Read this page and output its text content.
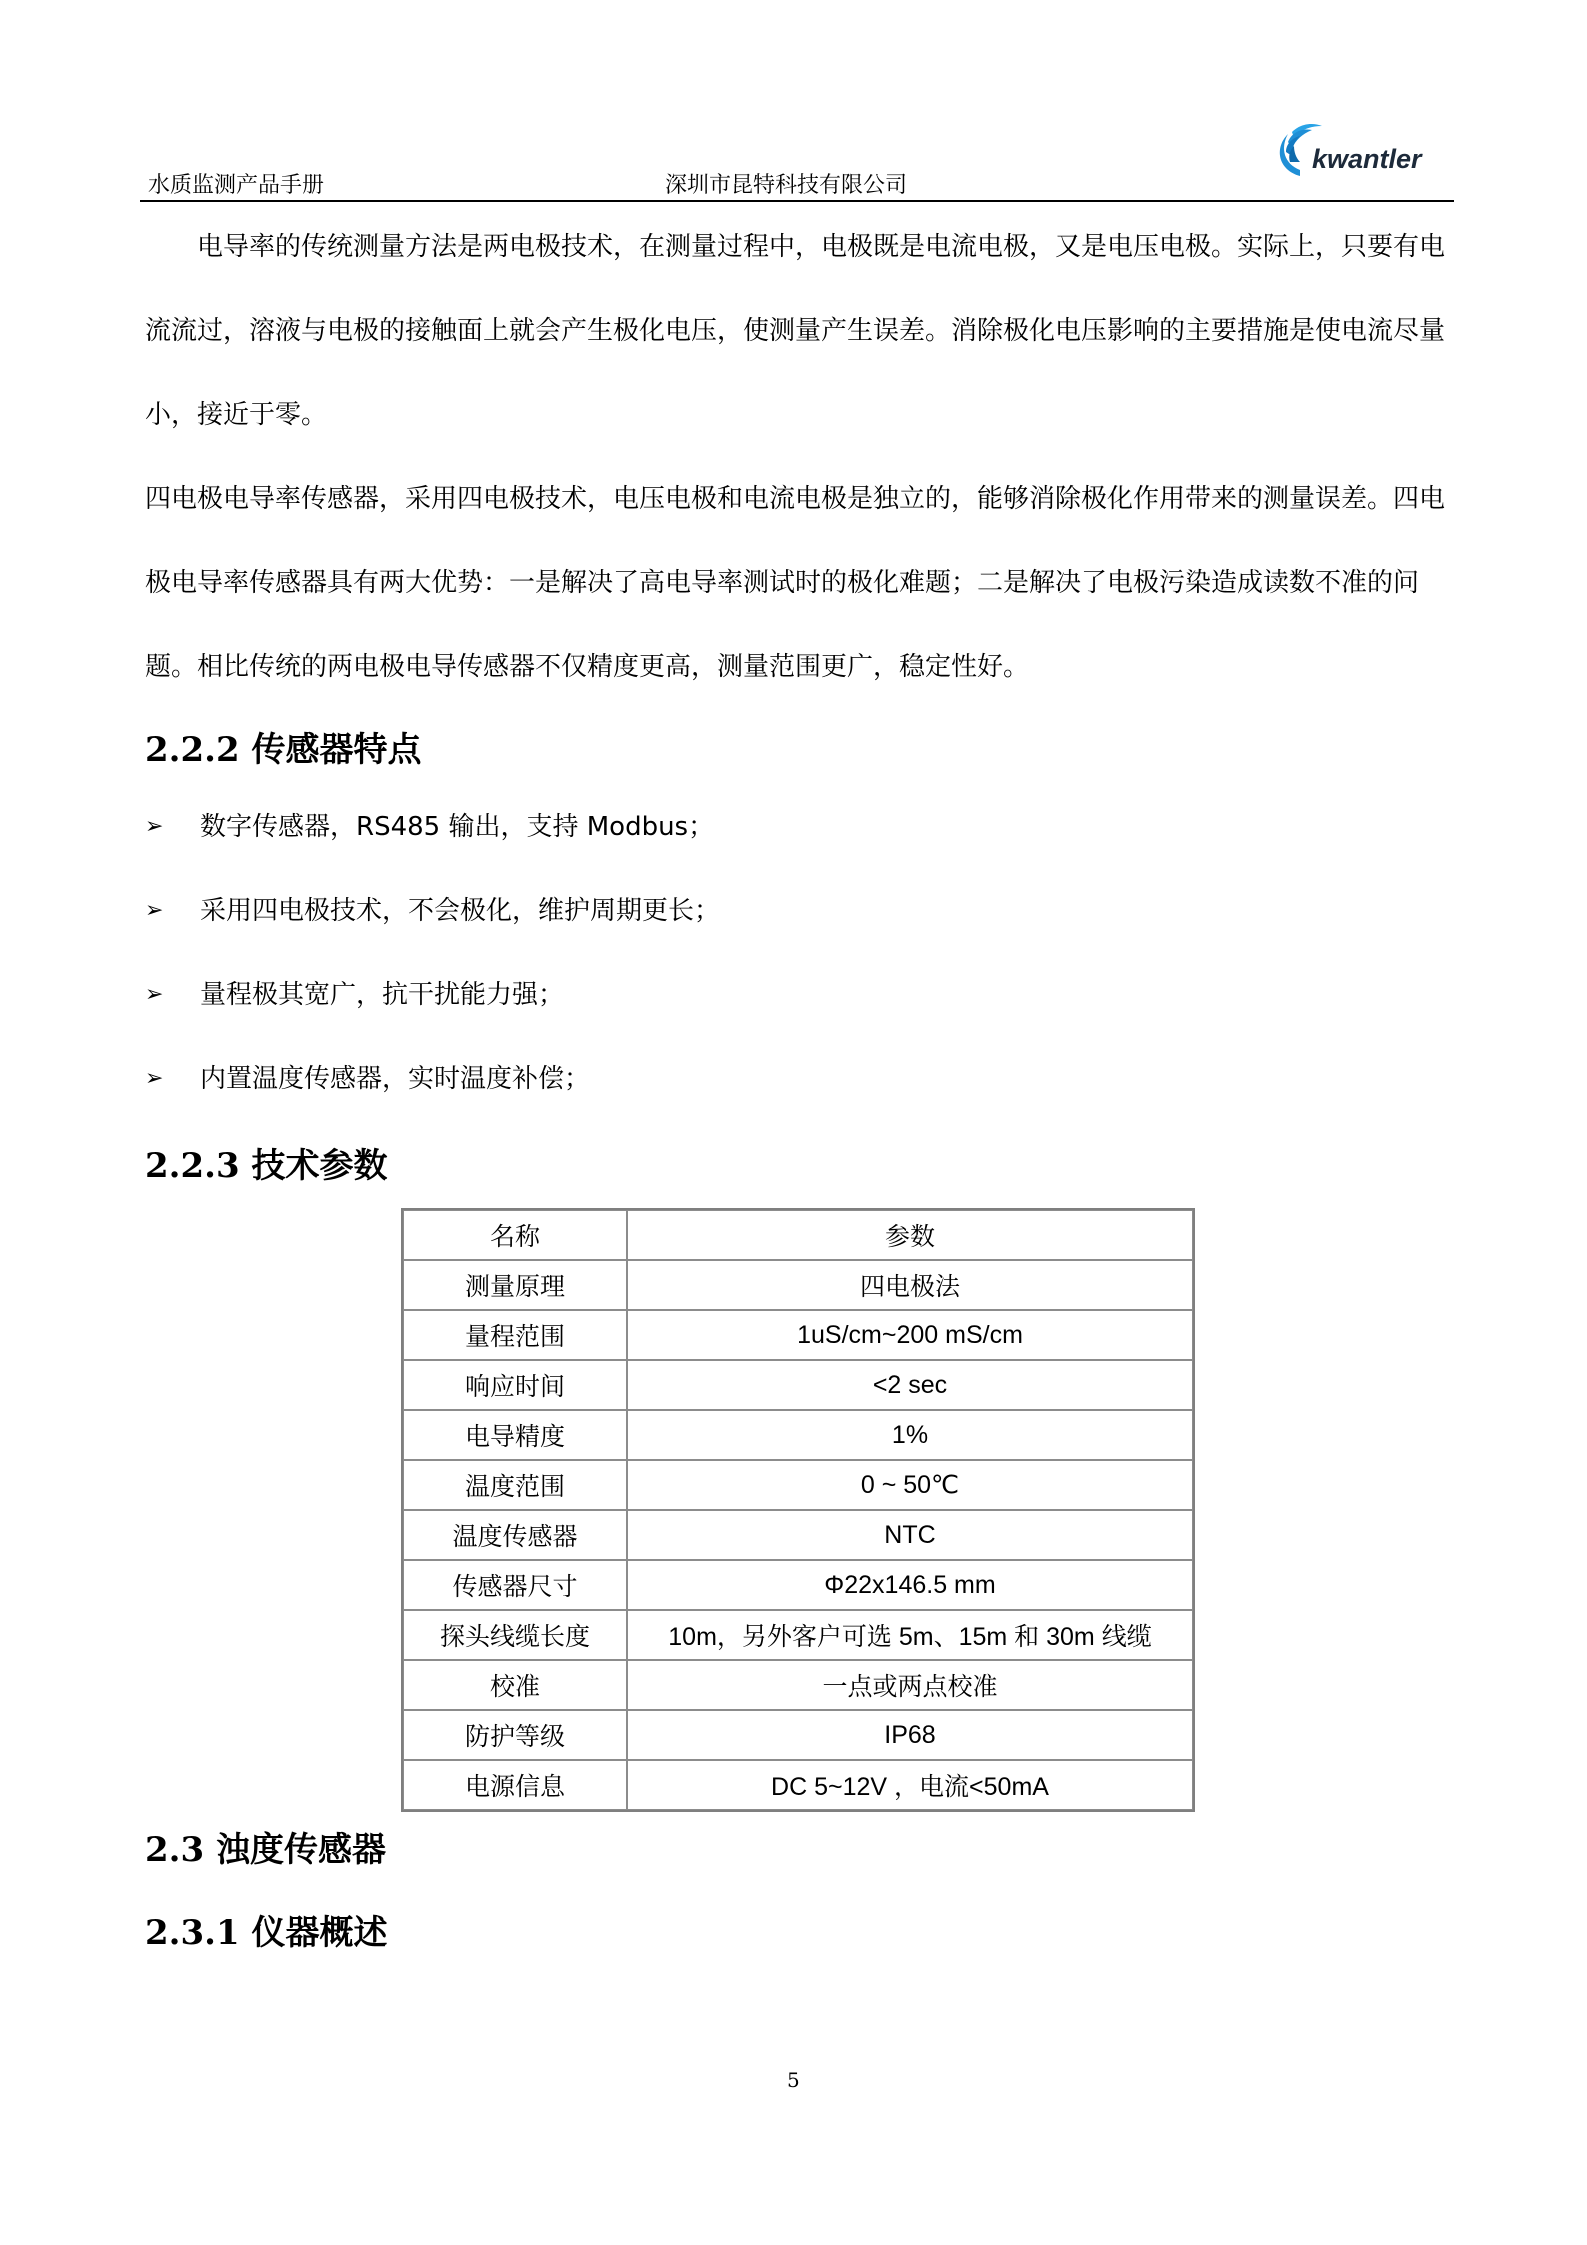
水质监测产品手册	深圳市昆特科技有限公司
kwantler

电导率的传统测量方法是两电极技术，在测量过程中，电极既是电流电极，又是电压电极。实际上，只要有电流流过，溶液与电极的接触面上就会产生极化电压，使测量产生误差。消除极化电压影响的主要措施是使电流尽量小，接近于零。

四电极电导率传感器，采用四电极技术，电压电极和电流电极是独立的，能够消除极化作用带来的测量误差。四电极电导率传感器具有两大优势：一是解决了高电导率测试时的极化难题；二是解决了电极污染造成读数不准的问题。相比传统的两电极电导传感器不仅精度更高，测量范围更广，稳定性好。

2.2.2 传感器特点
➢ 数字传感器，RS485 输出，支持 Modbus；
➢ 采用四电极技术，不会极化，维护周期更长；
➢ 量程极其宽广，抗干扰能力强；
➢ 内置温度传感器，实时温度补偿；
2.2.3 技术参数
名称	参数
测量原理	四电极法
量程范围	1uS/cm~200 mS/cm
响应时间	<2 sec
电导精度	1%
温度范围	0 ~ 50℃
温度传感器	NTC
传感器尺寸	Φ22x146.5 mm
探头线缆长度	10m，另外客户可选 5m、15m 和 30m 线缆
校准	一点或两点校准
防护等级	IP68
电源信息	DC 5~12V ，电流<50mA
2.3 浊度传感器
2.3.1 仪器概述
5
